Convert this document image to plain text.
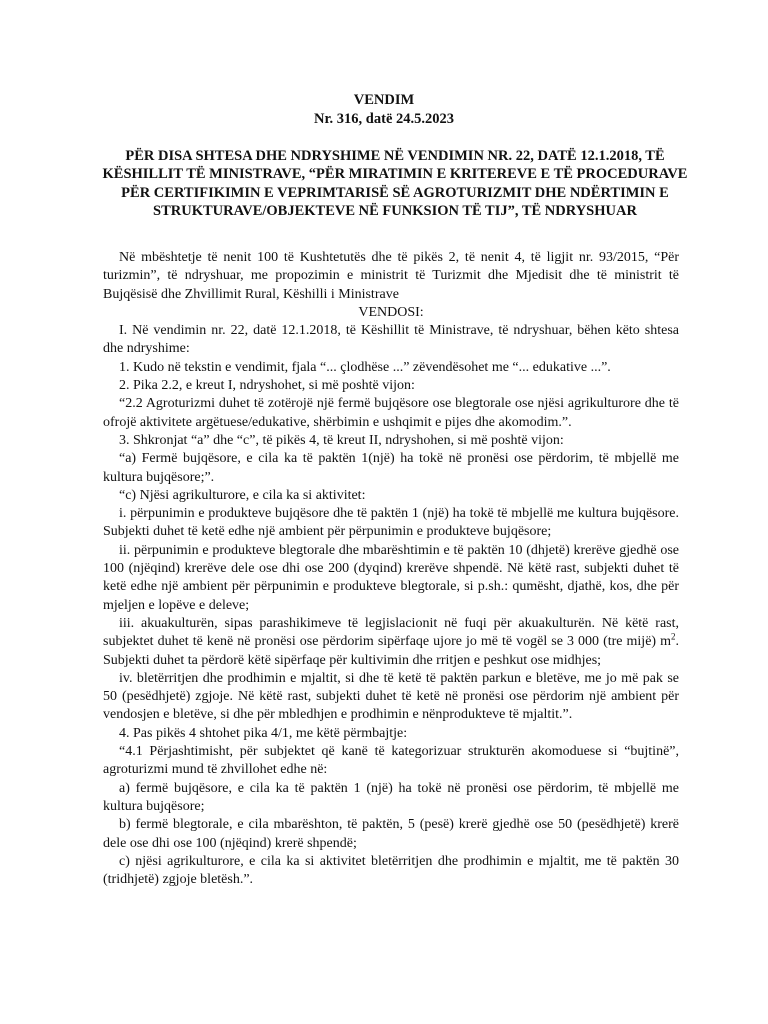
VENDIM
Nr. 316, datë 24.5.2023
PËR DISA SHTESA DHE NDRYSHIME NË VENDIMIN NR. 22, DATË 12.1.2018, TË KËSHILLIT TË MINISTRAVE, “PËR MIRATIMIN E KRITEREVE E TË PROCEDURAVE PËR CERTIFIKIMIN E VEPRIMTARISË SË AGROTURIZMIT DHE NDËRTIMIN E STRUKTURAVE/OBJEKTEVE NË FUNKSION TË TIJ”, TË NDRYSHUAR

Në mbështetje të nenit 100 të Kushtetutës dhe të pikës 2, të nenit 4, të ligjit nr. 93/2015, “Për turizmin”, të ndryshuar, me propozimin e ministrit të Turizmit dhe Mjedisit dhe të ministrit të Bujqësisë dhe Zhvillimit Rural, Këshilli i Ministrave

VENDOSI:

I. Në vendimin nr. 22, datë 12.1.2018, të Këshillit të Ministrave, të ndryshuar, bëhen këto shtesa dhe ndryshime:

1. Kudo në tekstin e vendimit, fjala “... çlodhëse ...” zëvendësohet me “... edukative ...”.

2. Pika 2.2, e kreut I, ndryshohet, si më poshtë vijon:

“2.2 Agroturizmi duhet të zotërojë një fermë bujqësore ose blegtorale ose njësi agrikulturore dhe të ofrojë aktivitete argëtuese/edukative, shërbimin e ushqimit e pijes dhe akomodim.”.

3. Shkronjat “a” dhe “c”, të pikës 4, të kreut II, ndryshohen, si më poshtë vijon:

“a) Fermë bujqësore, e cila ka të paktën 1(një) ha tokë në pronësi ose përdorim, të mbjellë me kultura bujqësore;”.

“c) Njësi agrikulturore, e cila ka si aktivitet:

i. përpunimin e produkteve bujqësore dhe të paktën 1 (një) ha tokë të mbjellë me kultura bujqësore. Subjekti duhet të ketë edhe një ambient për përpunimin e produkteve bujqësore;

ii. përpunimin e produkteve blegtorale dhe mbarështimin e të paktën 10 (dhjetë) krerëve gjedhë ose 100 (njëqind) krerëve dele ose dhi ose 200 (dyqind) krerëve shpendë. Në këtë rast, subjekti duhet të ketë edhe një ambient për përpunimin e produkteve blegtorale, si p.sh.: qumësht, djathë, kos, dhe për mjeljen e lopëve e deleve;

iii. akuakulturën, sipas parashikimeve të legjislacionit në fuqi për akuakulturën. Në këtë rast, subjektet duhet të kenë në pronësi ose përdorim sipërfaqe ujore jo më të vogël se 3 000 (tre mijë) $m^2$. Subjekti duhet ta përdorë këtë sipërfaqe për kultivimin dhe rritjen e peshkut ose midhjes;

iv. bletërritjen dhe prodhimin e mjaltit, si dhe të ketë të paktën parkun e bletëve, me jo më pak se 50 (pesëdhjetë) zgjoje. Në këtë rast, subjekti duhet të ketë në pronësi ose përdorim një ambient për vendosjen e bletëve, si dhe për mbledhjen e prodhimin e nënprodukteve të mjaltit.”.

4. Pas pikës 4 shtohet pika 4/1, me këtë përmbajtje:

“4.1 Përjashtimisht, për subjektet që kanë të kategorizuar strukturën akomoduese si “bujtinë”, agroturizmi mund të zhvillohet edhe në:

a) fermë bujqësore, e cila ka të paktën 1 (një) ha tokë në pronësi ose përdorim, të mbjellë me kultura bujqësore;

b) fermë blegtorale, e cila mbarështon, të paktën, 5 (pesë) krerë gjedhë ose 50 (pesëdhjetë) krerë dele ose dhi ose 100 (njëqind) krerë shpendë;

c) njësi agrikulturore, e cila ka si aktivitet bletërritjen dhe prodhimin e mjaltit, me të paktën 30 (tridhjetë) zgjoje bletësh.”.
